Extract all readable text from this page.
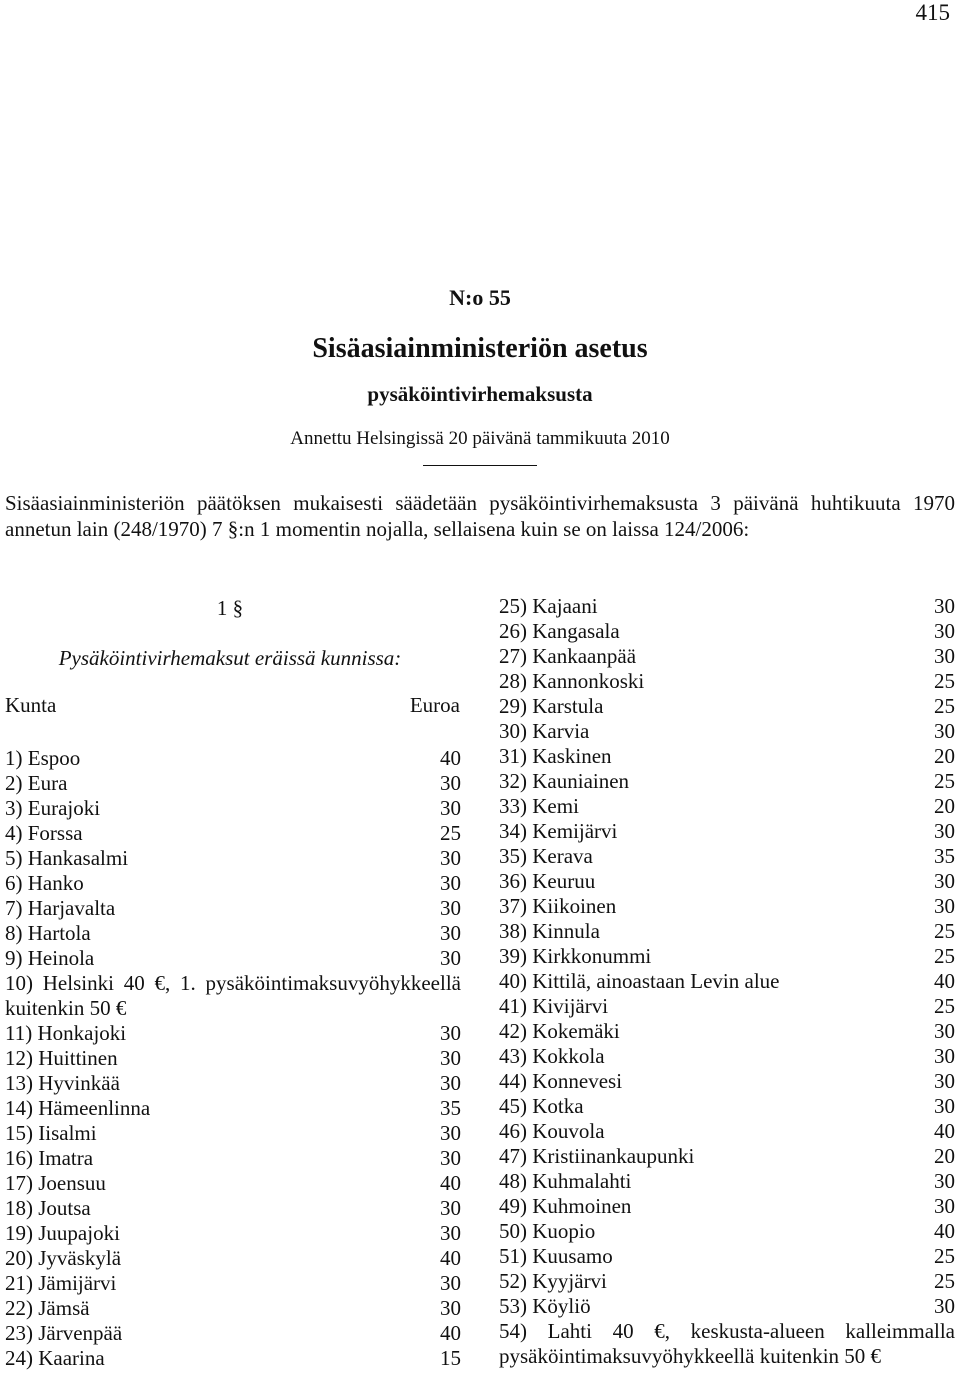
415
N:o 55
Sisäasiainministeriön asetus
pysäköintivirhemaksusta
Annettu Helsingissä 20 päivänä tammikuuta 2010
Sisäasiainministeriön päätöksen mukaisesti säädetään pysäköintivirhemaksusta 3 päivänä huhtikuuta 1970 annetun lain (248/1970) 7 §:n 1 momentin nojalla, sellaisena kuin se on laissa 124/2006:
1 §
Pysäköintivirhemaksut eräissä kunnissa:
Kunta	Euroa
1) Espoo	40
2) Eura	30
3) Eurajoki	30
4) Forssa	25
5) Hankasalmi	30
6) Hanko	30
7) Harjavalta	30
8) Hartola	30
9) Heinola	30
10) Helsinki 40 €, 1. pysäköintimaksuvyöhykkeellä kuitenkin 50 €
11) Honkajoki	30
12) Huittinen	30
13) Hyvinkää	30
14) Hämeenlinna	35
15) Iisalmi	30
16) Imatra	30
17) Joensuu	40
18) Joutsa	30
19) Juupajoki	30
20) Jyväskylä	40
21) Jämijärvi	30
22) Jämsä	30
23) Järvenpää	40
24) Kaarina	15
25) Kajaani	30
26) Kangasala	30
27) Kankaanpää	30
28) Kannonkoski	25
29) Karstula	25
30) Karvia	30
31) Kaskinen	20
32) Kauniainen	25
33) Kemi	20
34) Kemijärvi	30
35) Kerava	35
36) Keuruu	30
37) Kiikoinen	30
38) Kinnula	25
39) Kirkkonummi	25
40) Kittilä, ainoastaan Levin alue	40
41) Kivijärvi	25
42) Kokemäki	30
43) Kokkola	30
44) Konnevesi	30
45) Kotka	30
46) Kouvola	40
47) Kristiinankaupunki	20
48) Kuhmalahti	30
49) Kuhmoinen	30
50) Kuopio	40
51) Kuusamo	25
52) Kyyjärvi	25
53) Köyliö	30
54) Lahti 40 €, keskusta-alueen kalleimmalla pysäköintimaksuvyöhykkeellä kuitenkin 50 €
